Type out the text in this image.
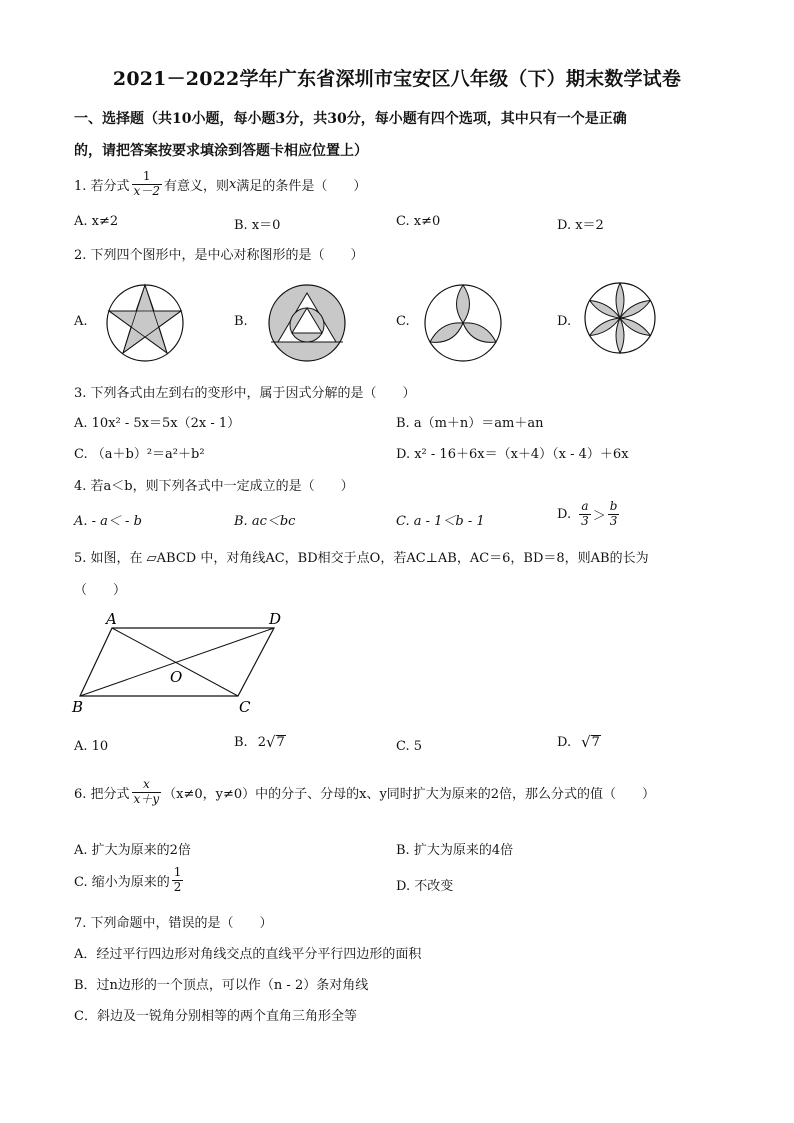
2021－2022学年广东省深圳市宝安区八年级（下）期末数学试卷
一、选择题（共10小题，每小题3分，共30分，每小题有四个选项，其中只有一个是正确
的，请把答案按要求填涂到答题卡相应位置上）
1. 若分式 $\frac{1}{x-2}$ 有意义，则 x 满足的条件是（　　）
A. x≠2	B. x＝0	C. x≠0	D. x＝2
2. 下列四个图形中，是中心对称图形的是（　　）
A.	B.	C.	D.
3. 下列各式由左到右的变形中，属于因式分解的是（　　）
A. 10x² - 5x＝5x（2x - 1）	B. a（m＋n）＝am＋an
C. （a＋b）²＝a²＋b²	D. x² - 16＋6x＝（x＋4）（x - 4）＋6x
4. 若a＜b，则下列各式中一定成立的是（　　）
A. - a＜ - b	B. ac＜bc	C. a - 1＜b - 1	D. $\frac{a}{3} > \frac{b}{3}$
5. 如图，在 ▱ABCD 中，对角线AC，BD相交于点O，若AC⊥AB，AC＝6，BD＝8，则AB的长为
（　　）
A	D
B	C
O
A. 10	B. 2 √ 7	C. 5	D. √ 7
6. 把分式 $\frac{x}{x+y} (x\ne 0$，y≠0）中的分子、分母的x、y同时扩大为原来的2倍，那么分式的值（　　）
A. 扩大为原来的2倍	B. 扩大为原来的4倍
C. 缩小为原来的 $\frac{1}{2}$	D. 不改变
7. 下列命题中，错误的是（　　）
A．经过平行四边形对角线交点的直线平分平行四边形的面积
B．过n边形的一个顶点，可以作（n - 2）条对角线
C．斜边及一锐角分别相等的两个直角三角形全等
